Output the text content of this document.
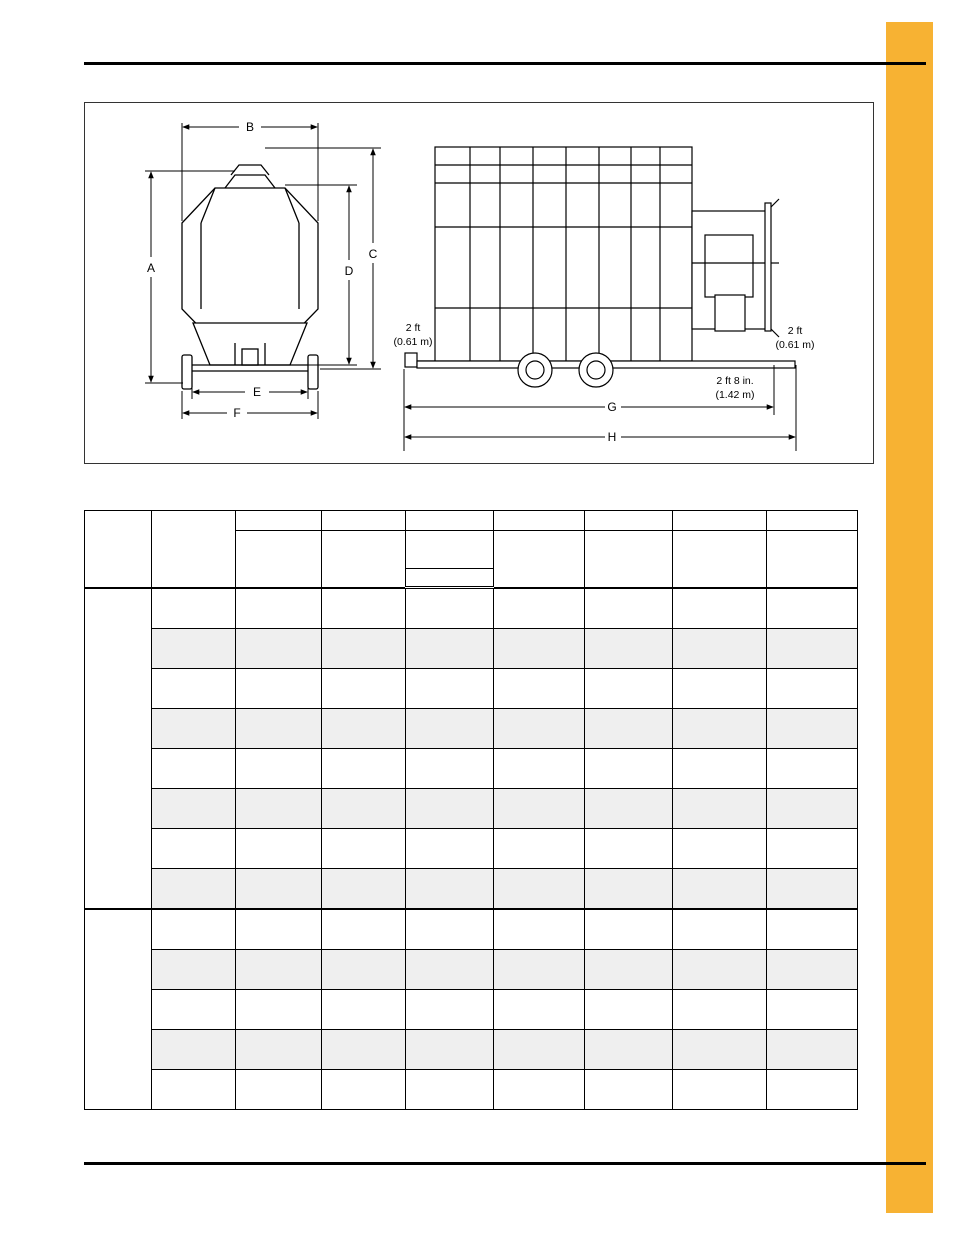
B
A
C
D
E
F	G
H
2 ft
(0.61 m)
2 ft
(0.61 m)
2 ft 8 in.
(1.42 m)
